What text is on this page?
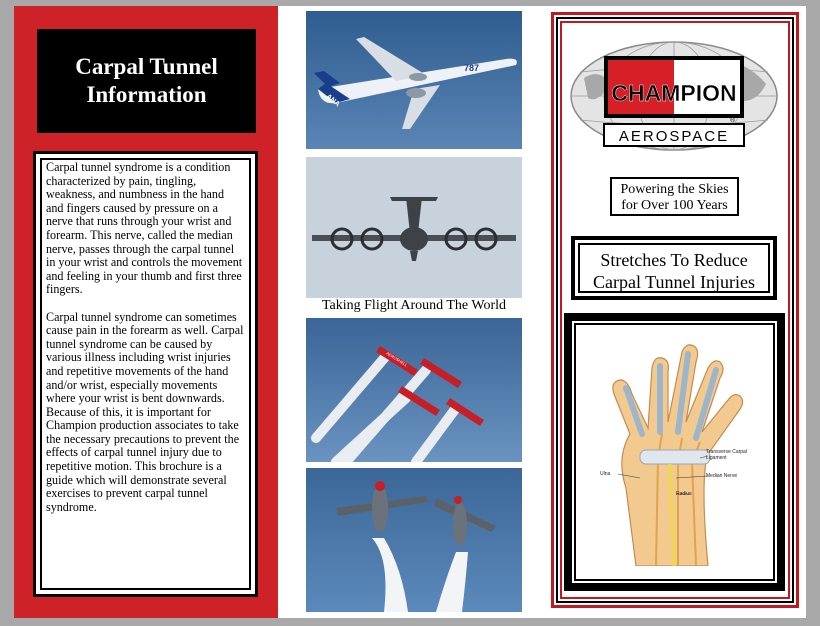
Carpal Tunnel Information

Carpal tunnel syndrome is a condition characterized by pain, tingling, weakness, and numbness in the hand and fingers caused by pressure on a nerve that runs through your wrist and forearm. This nerve, called the median nerve, passes through the carpal tunnel in your wrist and controls the movement and feeling in your thumb and first three fingers.

Carpal tunnel syndrome can sometimes cause pain in the forearm as well. Carpal tunnel syndrome can be caused by various illness including wrist injuries and repetitive movements of the hand and/or wrist, especially movements where your wrist is bent downwards. Because of this, it is important for Champion production associates to take the necessary precautions to prevent the effects of carpal tunnel injury due to repetitive motion. This brochure is a guide which will demonstrate several exercises to prevent carpal tunnel syndrome.

787
ANA
Taking Flight Around The World
AEROSHELL
CHAMPION
AEROSPACE
®
Powering the Skies for Over 100 Years
Stretches To Reduce Carpal Tunnel Injuries
Transverse Carpal Ligament
Median Nerve
Ulna
Radius
